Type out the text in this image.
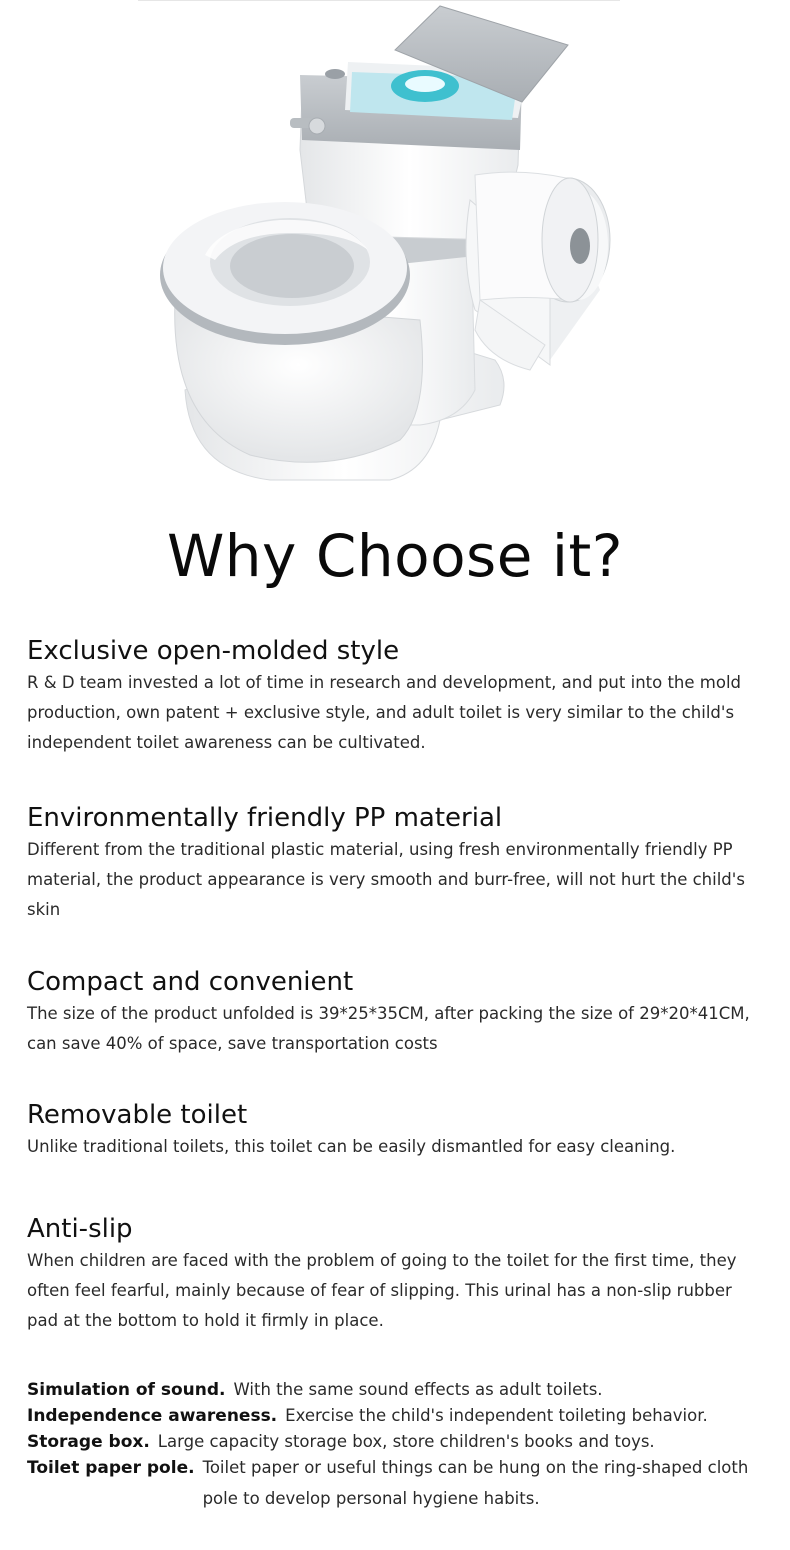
Why Choose it?
Exclusive open-molded style

R & D team invested a lot of time in research and development, and put into the mold production, own patent + exclusive style, and adult toilet is very similar to the child's independent toilet awareness can be cultivated.

Environmentally friendly PP material

Different from the traditional plastic material, using fresh environmentally friendly PP material, the product appearance is very smooth and burr-free, will not hurt the child's skin

Compact and convenient

The size of the product unfolded is 39*25*35CM, after packing the size of 29*20*41CM, can save 40% of space, save transportation costs

Removable toilet

Unlike traditional toilets, this toilet can be easily dismantled for easy cleaning.

Anti-slip

When children are faced with the problem of going to the toilet for the first time, they often feel fearful, mainly because of fear of slipping. This urinal has a non-slip rubber pad at the bottom to hold it firmly in place.

Simulation of sound. With the same sound effects as adult toilets.
Independence awareness. Exercise the child's independent toileting behavior.
Storage box. Large capacity storage box, store children's books and toys.
Toilet paper pole. Toilet paper or useful things can be hung on the ring-shaped cloth pole to develop personal hygiene habits.
